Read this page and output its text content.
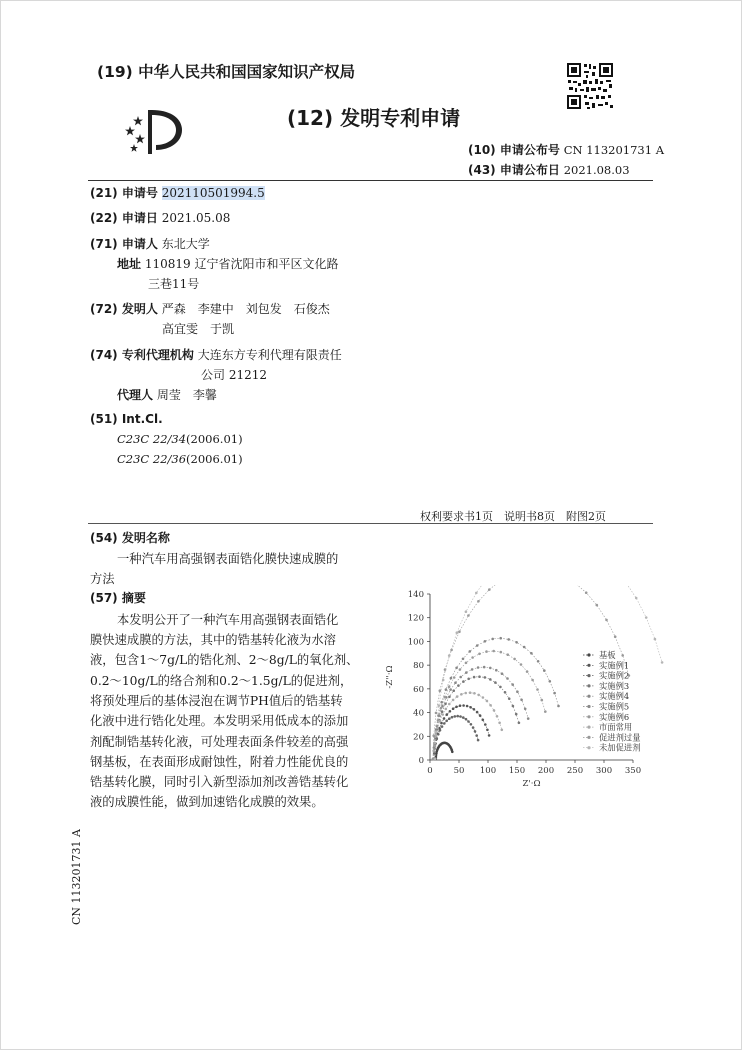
(19) 中华人民共和国国家知识产权局
(12) 发明专利申请
(10) 申请公布号 CN 113201731 A
(43) 申请公布日 2021.08.03
(21) 申请号 202110501994.5
(22) 申请日 2021.05.08
(71) 申请人 东北大学
地址 110819 辽宁省沈阳市和平区文化路
三巷11号
(72) 发明人 严森　李建中　刘包发　石俊杰
高宜雯　于凯
(74) 专利代理机构 大连东方专利代理有限责任
公司 21212
代理人 周莹　李馨
(51) Int.Cl.
C23C 22/34(2006.01)
C23C 22/36(2006.01)
权利要求书1页　说明书8页　附图2页
(54) 发明名称
一种汽车用高强钢表面锆化膜快速成膜的
方法
(57) 摘要
本发明公开了一种汽车用高强钢表面锆化
膜快速成膜的方法，其中的锆基转化液为水溶
液，包含1～7g/L的锆化剂、2～8g/L的氧化剂、
0.2～10g/L的络合剂和0.2～1.5g/L的促进剂，
将预处理后的基体浸泡在调节PH值后的锆基转
化液中进行锆化处理。本发明采用低成本的添加
剂配制锆基转化液，可处理表面条件较差的高强
钢基板，在表面形成耐蚀性，附着力性能优良的
锆基转化膜，同时引入新型添加剂改善锆基转化
液的成膜性能，做到加速锆化成膜的效果。
0 50 100 150 200 250 300 350
0
20
40
60
80
100
120
140
Z'·Ω
-Z''·Ω
基板
实施例1
实施例2
实施例3
实施例4
实施例5
实施例6
市面常用
促进剂过量
未加促进剂
CN 113201731 A
